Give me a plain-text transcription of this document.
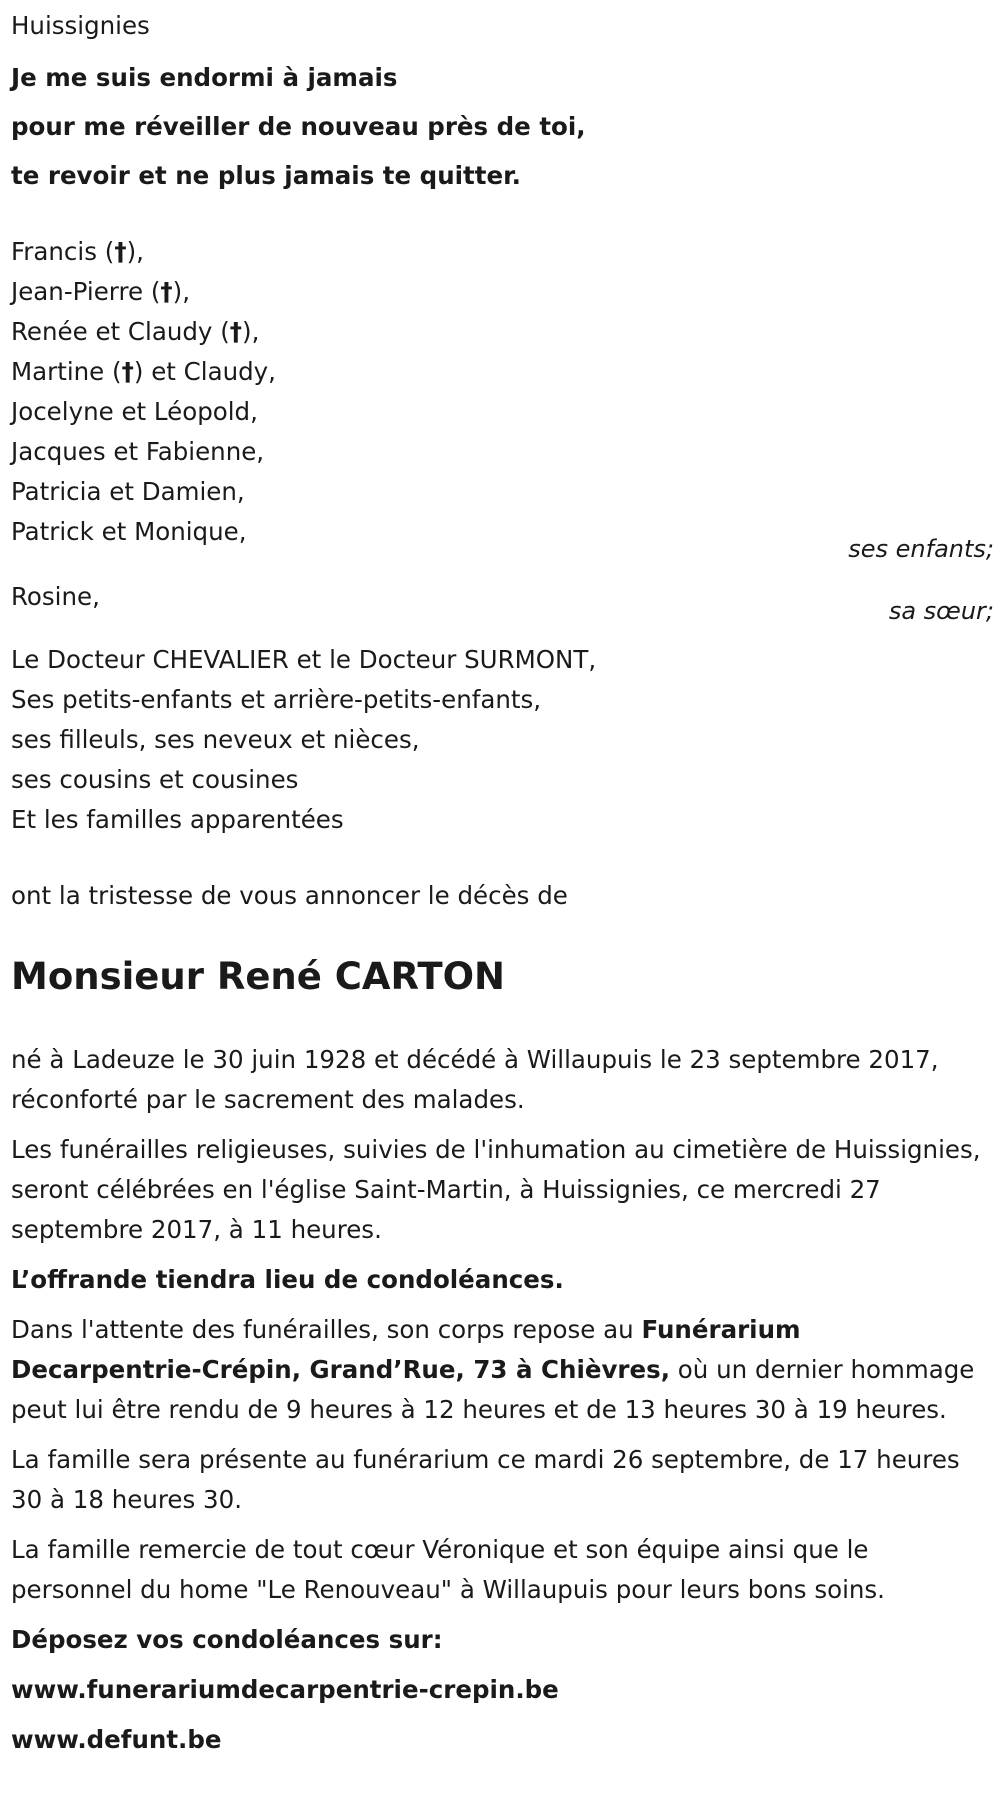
Huissignies
Je me suis endormi à jamais
pour me réveiller de nouveau près de toi,
te revoir et ne plus jamais te quitter.
Francis (†),
Jean-Pierre (†),
Renée et Claudy (†),
Martine (†) et Claudy,
Jocelyne et Léopold,
Jacques et Fabienne,
Patricia et Damien,
Patrick et Monique,
ses enfants;
Rosine,	sa sœur;
Le Docteur CHEVALIER et le Docteur SURMONT,
Ses petits-enfants et arrière-petits-enfants,
ses filleuls, ses neveux et nièces,
ses cousins et cousines
Et les familles apparentées
ont la tristesse de vous annoncer le décès de
Monsieur René CARTON

né à Ladeuze le 30 juin 1928 et décédé à Willaupuis le 23 septembre 2017, réconforté par le sacrement des malades.

Les funérailles religieuses, suivies de l'inhumation au cimetière de Huissignies, seront célébrées en l'église Saint-Martin, à Huissignies, ce mercredi 27 septembre 2017, à 11 heures.

L’offrande tiendra lieu de condoléances.

Dans l'attente des funérailles, son corps repose au Funérarium Decarpentrie-Crépin, Grand’Rue, 73 à Chièvres, où un dernier hommage peut lui être rendu de 9 heures à 12 heures et de 13 heures 30 à 19 heures.

La famille sera présente au funérarium ce mardi 26 septembre, de 17 heures 30 à 18 heures 30.

La famille remercie de tout cœur Véronique et son équipe ainsi que le personnel du home "Le Renouveau" à Willaupuis pour leurs bons soins.

Déposez vos condoléances sur:

www.funerariumdecarpentrie-crepin.be

www.defunt.be
